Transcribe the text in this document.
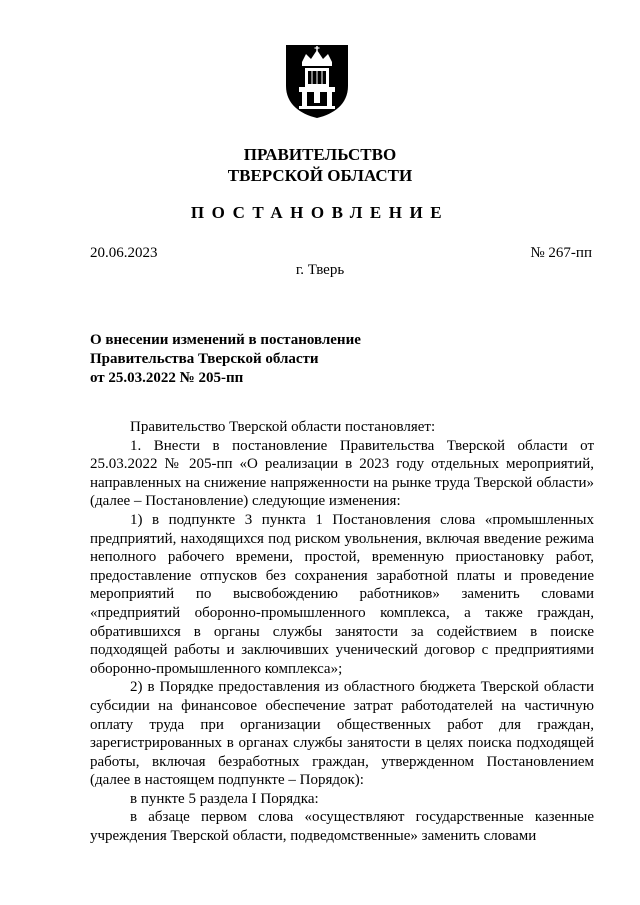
ПРАВИТЕЛЬСТВО
ТВЕРСКОЙ ОБЛАСТИ
ПОСТАНОВЛЕНИЕ
20.06.2023	№ 267-пп
г. Тверь
О внесении изменений в постановление
Правительства Тверской области
от 25.03.2022 № 205-пп

Правительство Тверской области постановляет:

1. Внести в постановление Правительства Тверской области от 25.03.2022 № 205-пп «О реализации в 2023 году отдельных мероприятий, направленных на снижение напряженности на рынке труда Тверской области» (далее – Постановление) следующие изменения:

1) в подпункте 3 пункта 1 Постановления слова «промышленных предприятий, находящихся под риском увольнения, включая введение режима неполного рабочего времени, простой, временную приостановку работ, предоставление отпусков без сохранения заработной платы и проведение мероприятий по высвобождению работников» заменить словами «предприятий оборонно-промышленного комплекса, а также граждан, обратившихся в органы службы занятости за содействием в поиске подходящей работы и заключивших ученический договор с предприятиями оборонно-промышленного комплекса»;

2) в Порядке предоставления из областного бюджета Тверской области субсидии на финансовое обеспечение затрат работодателей на частичную оплату труда при организации общественных работ для граждан, зарегистрированных в органах службы занятости в целях поиска подходящей работы, включая безработных граждан, утвержденном Постановлением (далее в настоящем подпункте – Порядок):

в пункте 5 раздела I Порядка:

в абзаце первом слова «осуществляют государственные казенные учреждения Тверской области, подведомственные» заменить словами
